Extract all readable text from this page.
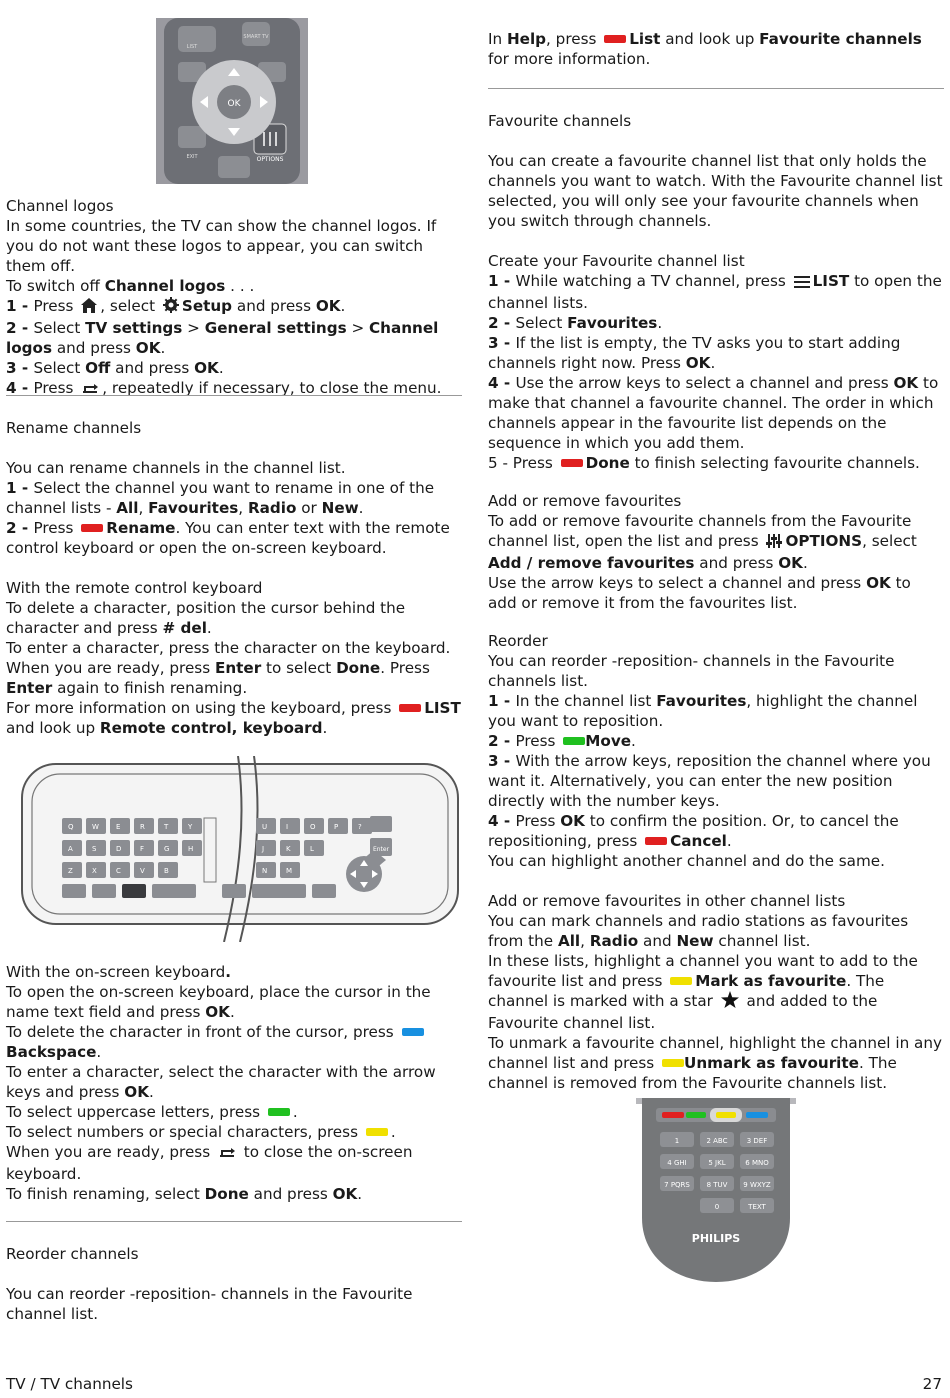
OK
LIST
SMART TV
EXIT	OPTIONS

Channel logos

In some countries, the TV can show the channel logos. If you do not want these logos to appear, you can switch them off.

To switch off Channel logos . . .

1 - Press , select Setup and press OK.

2 - Select TV settings > General settings > Channel logos and press OK.

3 - Select Off and press OK.

4 - Press , repeatedly if necessary, to close the menu.

Rename channels

You can rename channels in the channel list.

1 - Select the channel you want to rename in one of the channel lists - All, Favourites, Radio or New.

2 - Press Rename. You can enter text with the remote control keyboard or open the on-screen keyboard.

With the remote control keyboard

To delete a character, position the cursor behind the character and press # del.

To enter a character, press the character on the keyboard.

When you are ready, press Enter to select Done. Press Enter again to finish renaming.

For more information on using the keyboard, press LIST and look up Remote control, keyboard.

Q	W E	R	T	Y	U	I	O	P	?
A	S	D	F	G	H	J	K	L
Z	X	C	V	B	N	M
Enter

With the on-screen keyboard.

To open the on-screen keyboard, place the cursor in the name text field and press OK.

To delete the character in front of the cursor, press
Backspace.

To enter a character, select the character with the arrow keys and press OK.

To select uppercase letters, press .

To select numbers or special characters, press .

When you are ready, press  to close the on-screen keyboard.

To finish renaming, select Done and press OK.

Reorder channels

You can reorder -reposition- channels in the Favourite channel list.

In Help, press List and look up Favourite channels for more information.

Favourite channels

You can create a favourite channel list that only holds the channels you want to watch. With the Favourite channel list selected, you will only see your favourite channels when you switch through channels.

Create your Favourite channel list

1 - While watching a TV channel, press LIST to open the channel lists.

2 - Select Favourites.

3 - If the list is empty, the TV asks you to start adding channels right now. Press OK.

4 - Use the arrow keys to select a channel and press OK to make that channel a favourite channel. The order in which channels appear in the favourite list depends on the sequence in which you add them.

5 - Press Done to finish selecting favourite channels.

Add or remove favourites

To add or remove favourite channels from the Favourite channel list, open the list and press OPTIONS, select Add / remove favourites and press OK.

Use the arrow keys to select a channel and press OK to add or remove it from the favourites list.

Reorder

You can reorder -reposition- channels in the Favourite channels list.

1 - In the channel list Favourites, highlight the channel you want to reposition.

2 - Press Move.

3 - With the arrow keys, reposition the channel where you want it. Alternatively, you can enter the new position directly with the number keys.

4 - Press OK to confirm the position. Or, to cancel the repositioning, press Cancel.

You can highlight another channel and do the same.

Add or remove favourites in other channel lists

You can mark channels and radio stations as favourites from the All, Radio and New channel list.

In these lists, highlight a channel you want to add to the favourite list and press Mark as favourite. The channel is marked with a star  and added to the Favourite channel list.

To unmark a favourite channel, highlight the channel in any channel list and press Unmark as favourite. The channel is removed from the Favourite channels list.

1	2 ABC	3 DEF
4 GHI	5 JKL	6 MNO
7 PQRS 8 TUV 9 WXYZ
0	TEXT
PHILIPS
TV / TV channels	27
